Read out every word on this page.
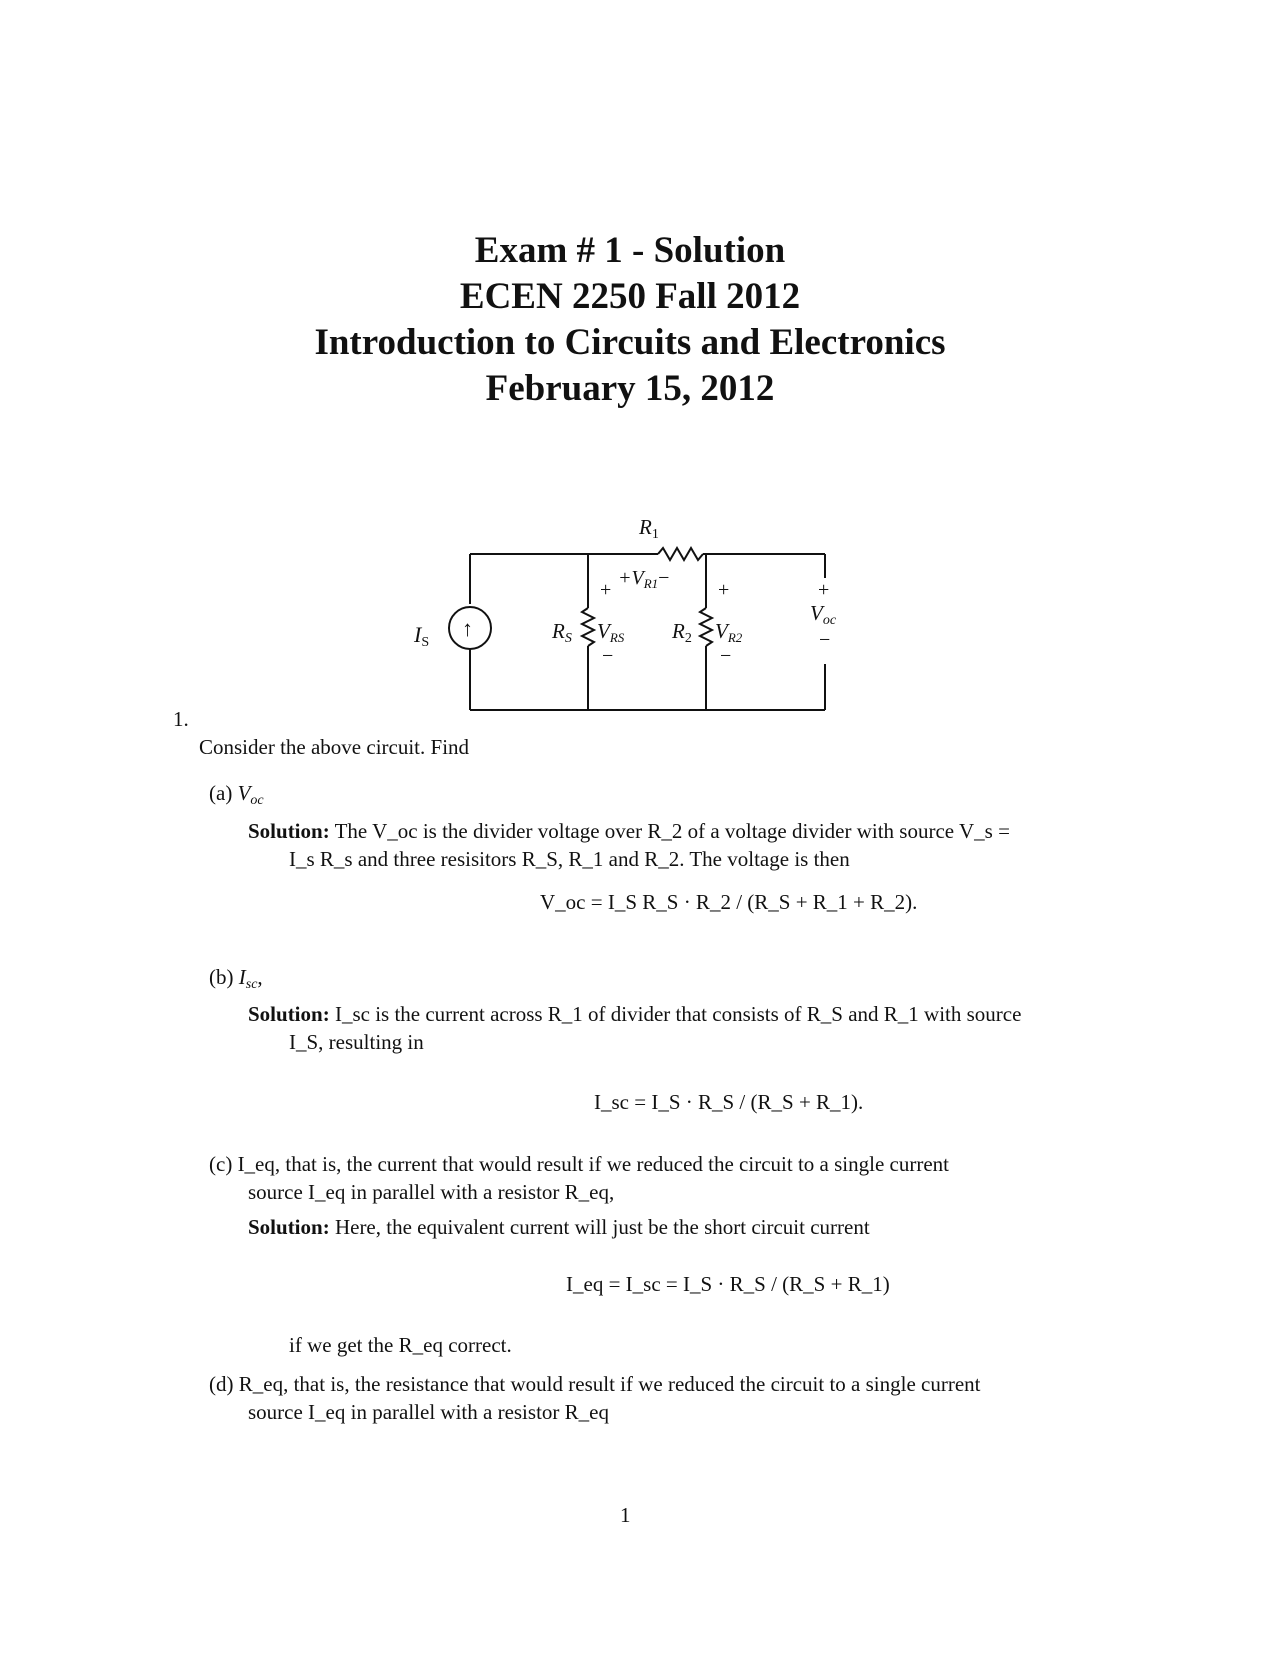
Exam # 1 - Solution
ECEN 2250 Fall 2012
Introduction to Circuits and Electronics
February 15, 2012
IS
↑
R1
$+V_{R1}-$
+
RS VRS
−
+
R2 VR2
−
+
Voc
−
1.
Consider the above circuit. Find
(a) $V_{oc}$
Solution: The V_oc is the divider voltage over R_2 of a voltage divider with source V_s =
I_s R_s and three resisitors R_S, R_1 and R_2. The voltage is then
V_oc = I_S R_S · R_2 / (R_S + R_1 + R_2).
(b) $I_{sc}$,
Solution: I_sc is the current across R_1 of divider that consists of R_S and R_1 with source
I_S, resulting in
I_sc = I_S · R_S / (R_S + R_1).
(c) I_eq, that is, the current that would result if we reduced the circuit to a single current
source I_eq in parallel with a resistor R_eq,
Solution: Here, the equivalent current will just be the short circuit current
I_eq = I_sc = I_S · R_S / (R_S + R_1)
if we get the R_eq correct.
(d) R_eq, that is, the resistance that would result if we reduced the circuit to a single current
source I_eq in parallel with a resistor R_eq
1
